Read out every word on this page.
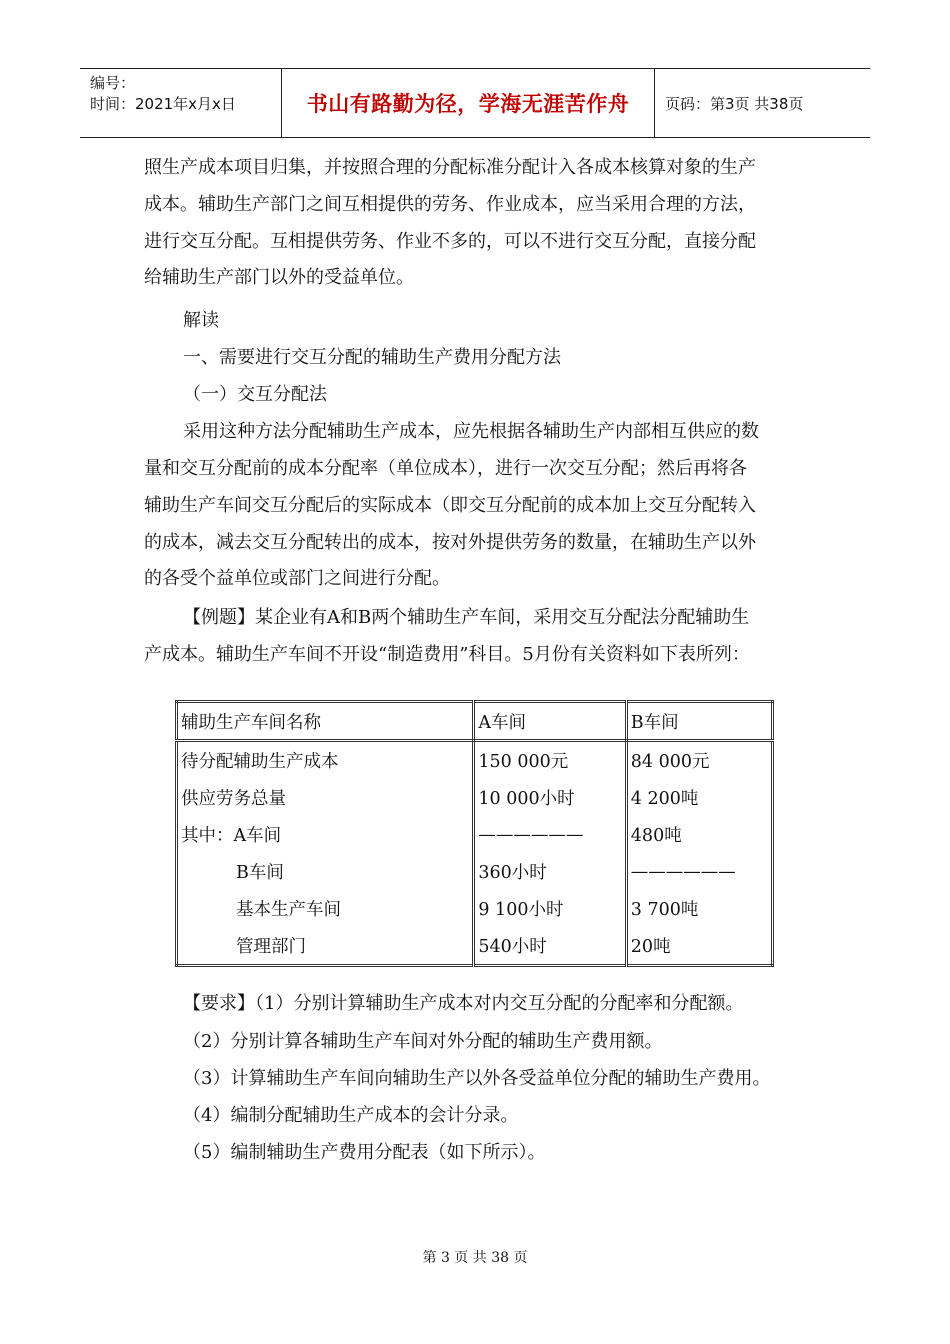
编号：
时间：2021年x月x日	书山有路勤为径，学海无涯苦作舟	页码：第3页 共38页
照生产成本项目归集，并按照合理的分配标准分配计入各成本核算对象的生产
成本。辅助生产部门之间互相提供的劳务、作业成本，应当采用合理的方法，
进行交互分配。互相提供劳务、作业不多的，可以不进行交互分配，直接分配
给辅助生产部门以外的受益单位。
解读
一、需要进行交互分配的辅助生产费用分配方法
（一）交互分配法
采用这种方法分配辅助生产成本，应先根据各辅助生产内部相互供应的数
量和交互分配前的成本分配率（单位成本），进行一次交互分配；然后再将各
辅助生产车间交互分配后的实际成本（即交互分配前的成本加上交互分配转入
的成本，减去交互分配转出的成本，按对外提供劳务的数量，在辅助生产以外
的各受个益单位或部门之间进行分配。
【例题】某企业有A和B两个辅助生产车间，采用交互分配法分配辅助生
产成本。辅助生产车间不开设“制造费用”科目。5月份有关资料如下表所列：
辅助生产车间名称	A车间	B车间
待分配辅助生产成本	150 000元	84 000元
供应劳务总量	10 000小时	4 200吨
其中：A车间	——————	480吨
B车间	360小时	——————
基本生产车间	9 100小时	3 700吨
管理部门	540小时	20吨
【要求】（1）分别计算辅助生产成本对内交互分配的分配率和分配额。
（2）分别计算各辅助生产车间对外分配的辅助生产费用额。
（3）计算辅助生产车间向辅助生产以外各受益单位分配的辅助生产费用。
（4）编制分配辅助生产成本的会计分录。
（5）编制辅助生产费用分配表（如下所示）。
第 3 页 共 38 页
